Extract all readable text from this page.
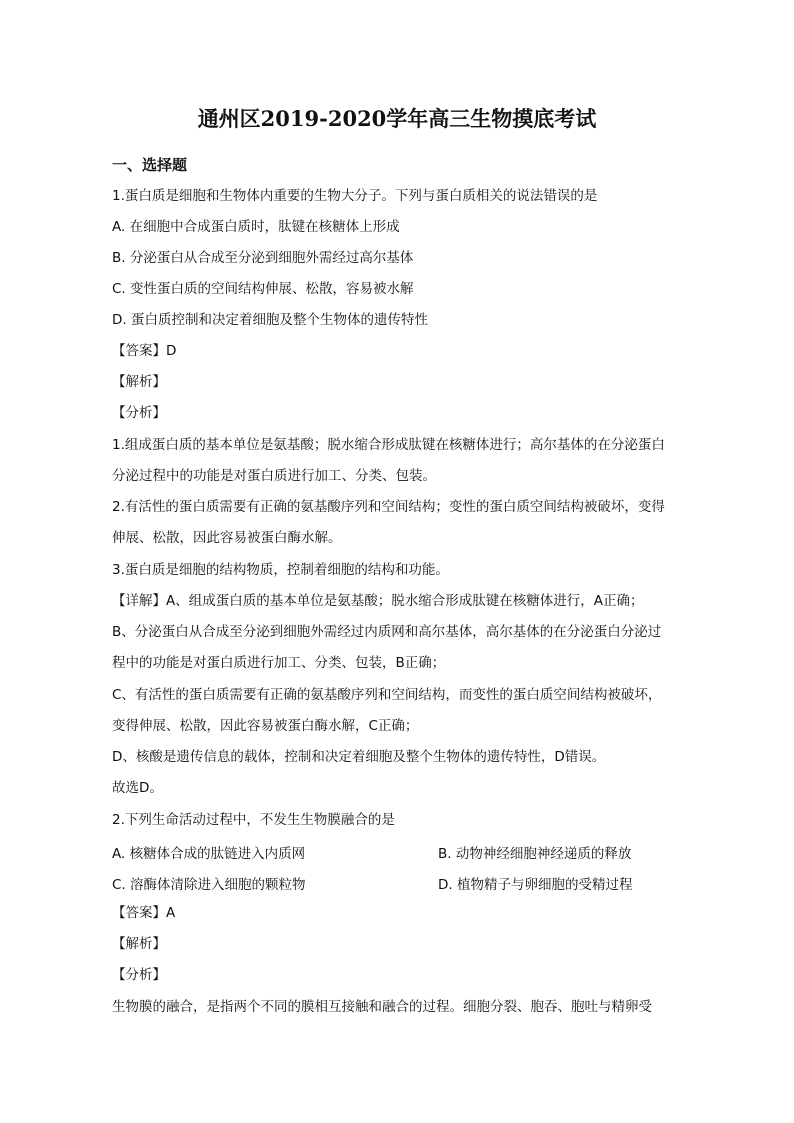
通州区2019-2020学年高三生物摸底考试
一、选择题
1.蛋白质是细胞和生物体内重要的生物大分子。下列与蛋白质相关的说法错误的是
A. 在细胞中合成蛋白质时，肽键在核糖体上形成
B. 分泌蛋白从合成至分泌到细胞外需经过高尔基体
C. 变性蛋白质的空间结构伸展、松散，容易被水解
D. 蛋白质控制和决定着细胞及整个生物体的遗传特性
【答案】D
【解析】
【分析】
1.组成蛋白质的基本单位是氨基酸；脱水缩合形成肽键在核糖体进行；高尔基体的在分泌蛋白
分泌过程中的功能是对蛋白质进行加工、分类、包装。
2.有活性的蛋白质需要有正确的氨基酸序列和空间结构；变性的蛋白质空间结构被破坏，变得
伸展、松散，因此容易被蛋白酶水解。
3.蛋白质是细胞的结构物质，控制着细胞的结构和功能。
【详解】A、组成蛋白质的基本单位是氨基酸；脱水缩合形成肽键在核糖体进行，A正确；
B、分泌蛋白从合成至分泌到细胞外需经过内质网和高尔基体，高尔基体的在分泌蛋白分泌过
程中的功能是对蛋白质进行加工、分类、包装，B正确；
C、有活性的蛋白质需要有正确的氨基酸序列和空间结构，而变性的蛋白质空间结构被破坏，
变得伸展、松散，因此容易被蛋白酶水解，C正确；
D、核酸是遗传信息的载体，控制和决定着细胞及整个生物体的遗传特性，D错误。
故选D。
2.下列生命活动过程中，不发生生物膜融合的是
A. 核糖体合成的肽链进入内质网	B. 动物神经细胞神经递质的释放
C. 溶酶体清除进入细胞的颗粒物	D. 植物精子与卵细胞的受精过程
【答案】A
【解析】
【分析】
生物膜的融合，是指两个不同的膜相互接触和融合的过程。细胞分裂、胞吞、胞吐与精卵受
